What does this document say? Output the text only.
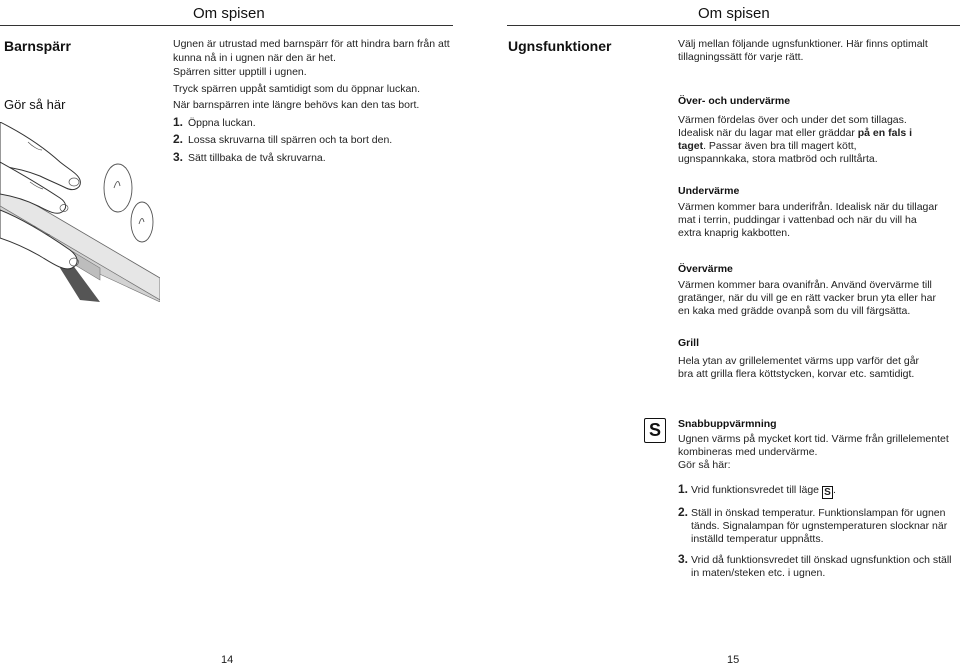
Om spisen
Barnspärr
Gör så här

Ugnen är utrustad med barnspärr för att hindra barn från att kunna nå in i ugnen när den är het.

Spärren sitter upptill i ugnen.

Tryck spärren uppåt samtidigt som du öppnar luckan.

När barnspärren inte längre behövs kan den tas bort.

1. Öppna luckan.

2. Lossa skruvarna till spärren och ta bort den.

3. Sätt tillbaka de två skruvarna.

14
Om spisen
Ugnsfunktioner	Välj mellan följande ugnsfunktioner. Här finns optimalt tillagningssätt för varje rätt.
Över- och undervärme
Värmen fördelas över och under det som tillagas. Idealisk när du lagar mat eller gräddar på en fals i taget. Passar även bra till magert kött, ugnspannkaka, stora matbröd och rulltårta.
Undervärme
Värmen kommer bara underifrån. Idealisk när du tillagar mat i terrin, puddingar i vattenbad och när du vill ha extra knaprig kakbotten.
Övervärme
Värmen kommer bara ovanifrån. Använd övervärme till gratänger, när du vill ge en rätt vacker brun yta eller har en kaka med grädde ovanpå som du vill färgsätta.
Grill
Hela ytan av grillelementet värms upp varför det går bra att grilla flera köttstycken, korvar etc. samtidigt.
S	Snabbuppvärmning

Ugnen värms på mycket kort tid. Värme från grillelementet kombineras med undervärme.

Gör så här:

1. Vrid funktionsvredet till läge S .
2. Ställ in önskad temperatur. Funktionslampan för ugnen tänds. Signalampan för ugnstemperaturen slocknar när inställd temperatur uppnåtts.
3. Vrid då funktionsvredet till önskad ugnsfunktion och ställ in maten/steken etc. i ugnen.
15
